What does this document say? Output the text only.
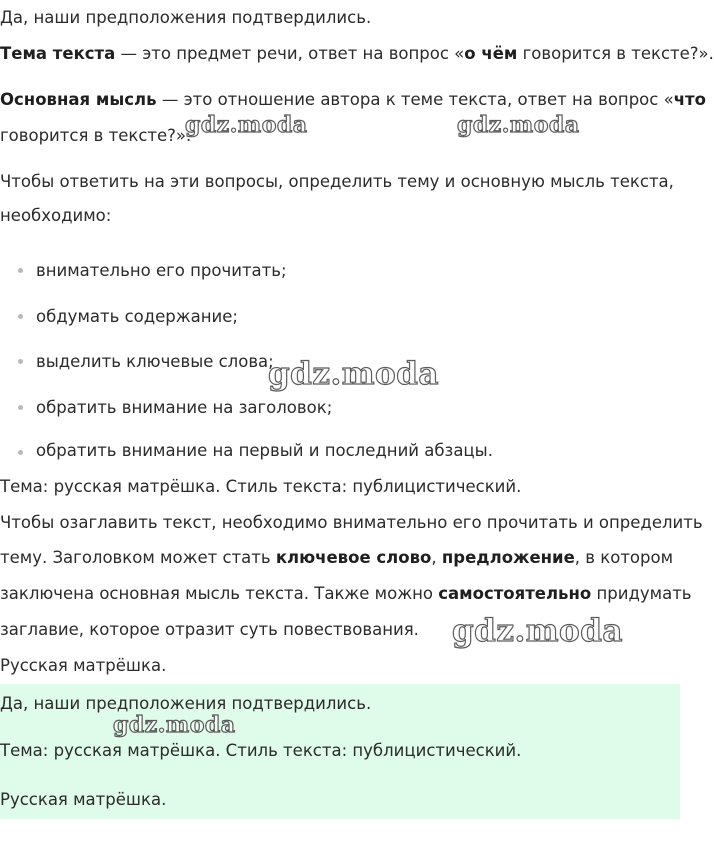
Да, наши предположения подтвердились.
Тема текста — это предмет речи, ответ на вопрос «о чём говорится в тексте?».
Основная мысль — это отношение автора к теме текста, ответ на вопрос «что
говорится в тексте?».
Чтобы ответить на эти вопросы, определить тему и основную мысль текста,
необходимо:
внимательно его прочитать;
обдумать содержание;
выделить ключевые слова;
обратить внимание на заголовок;
обратить внимание на первый и последний абзацы.
Тема: русская матрёшка. Стиль текста: публицистический.
Чтобы озаглавить текст, необходимо внимательно его прочитать и определить
тему. Заголовком может стать ключевое слово, предложение, в котором
заключена основная мысль текста. Также можно самостоятельно придумать
заглавие, которое отразит суть повествования.
Русская матрёшка.
Да, наши предположения подтвердились.
Тема: русская матрёшка. Стиль текста: публицистический.
Русская матрёшка.
gdz.moda	gdz.moda
gdz.moda
gdz.moda
gdz.moda
